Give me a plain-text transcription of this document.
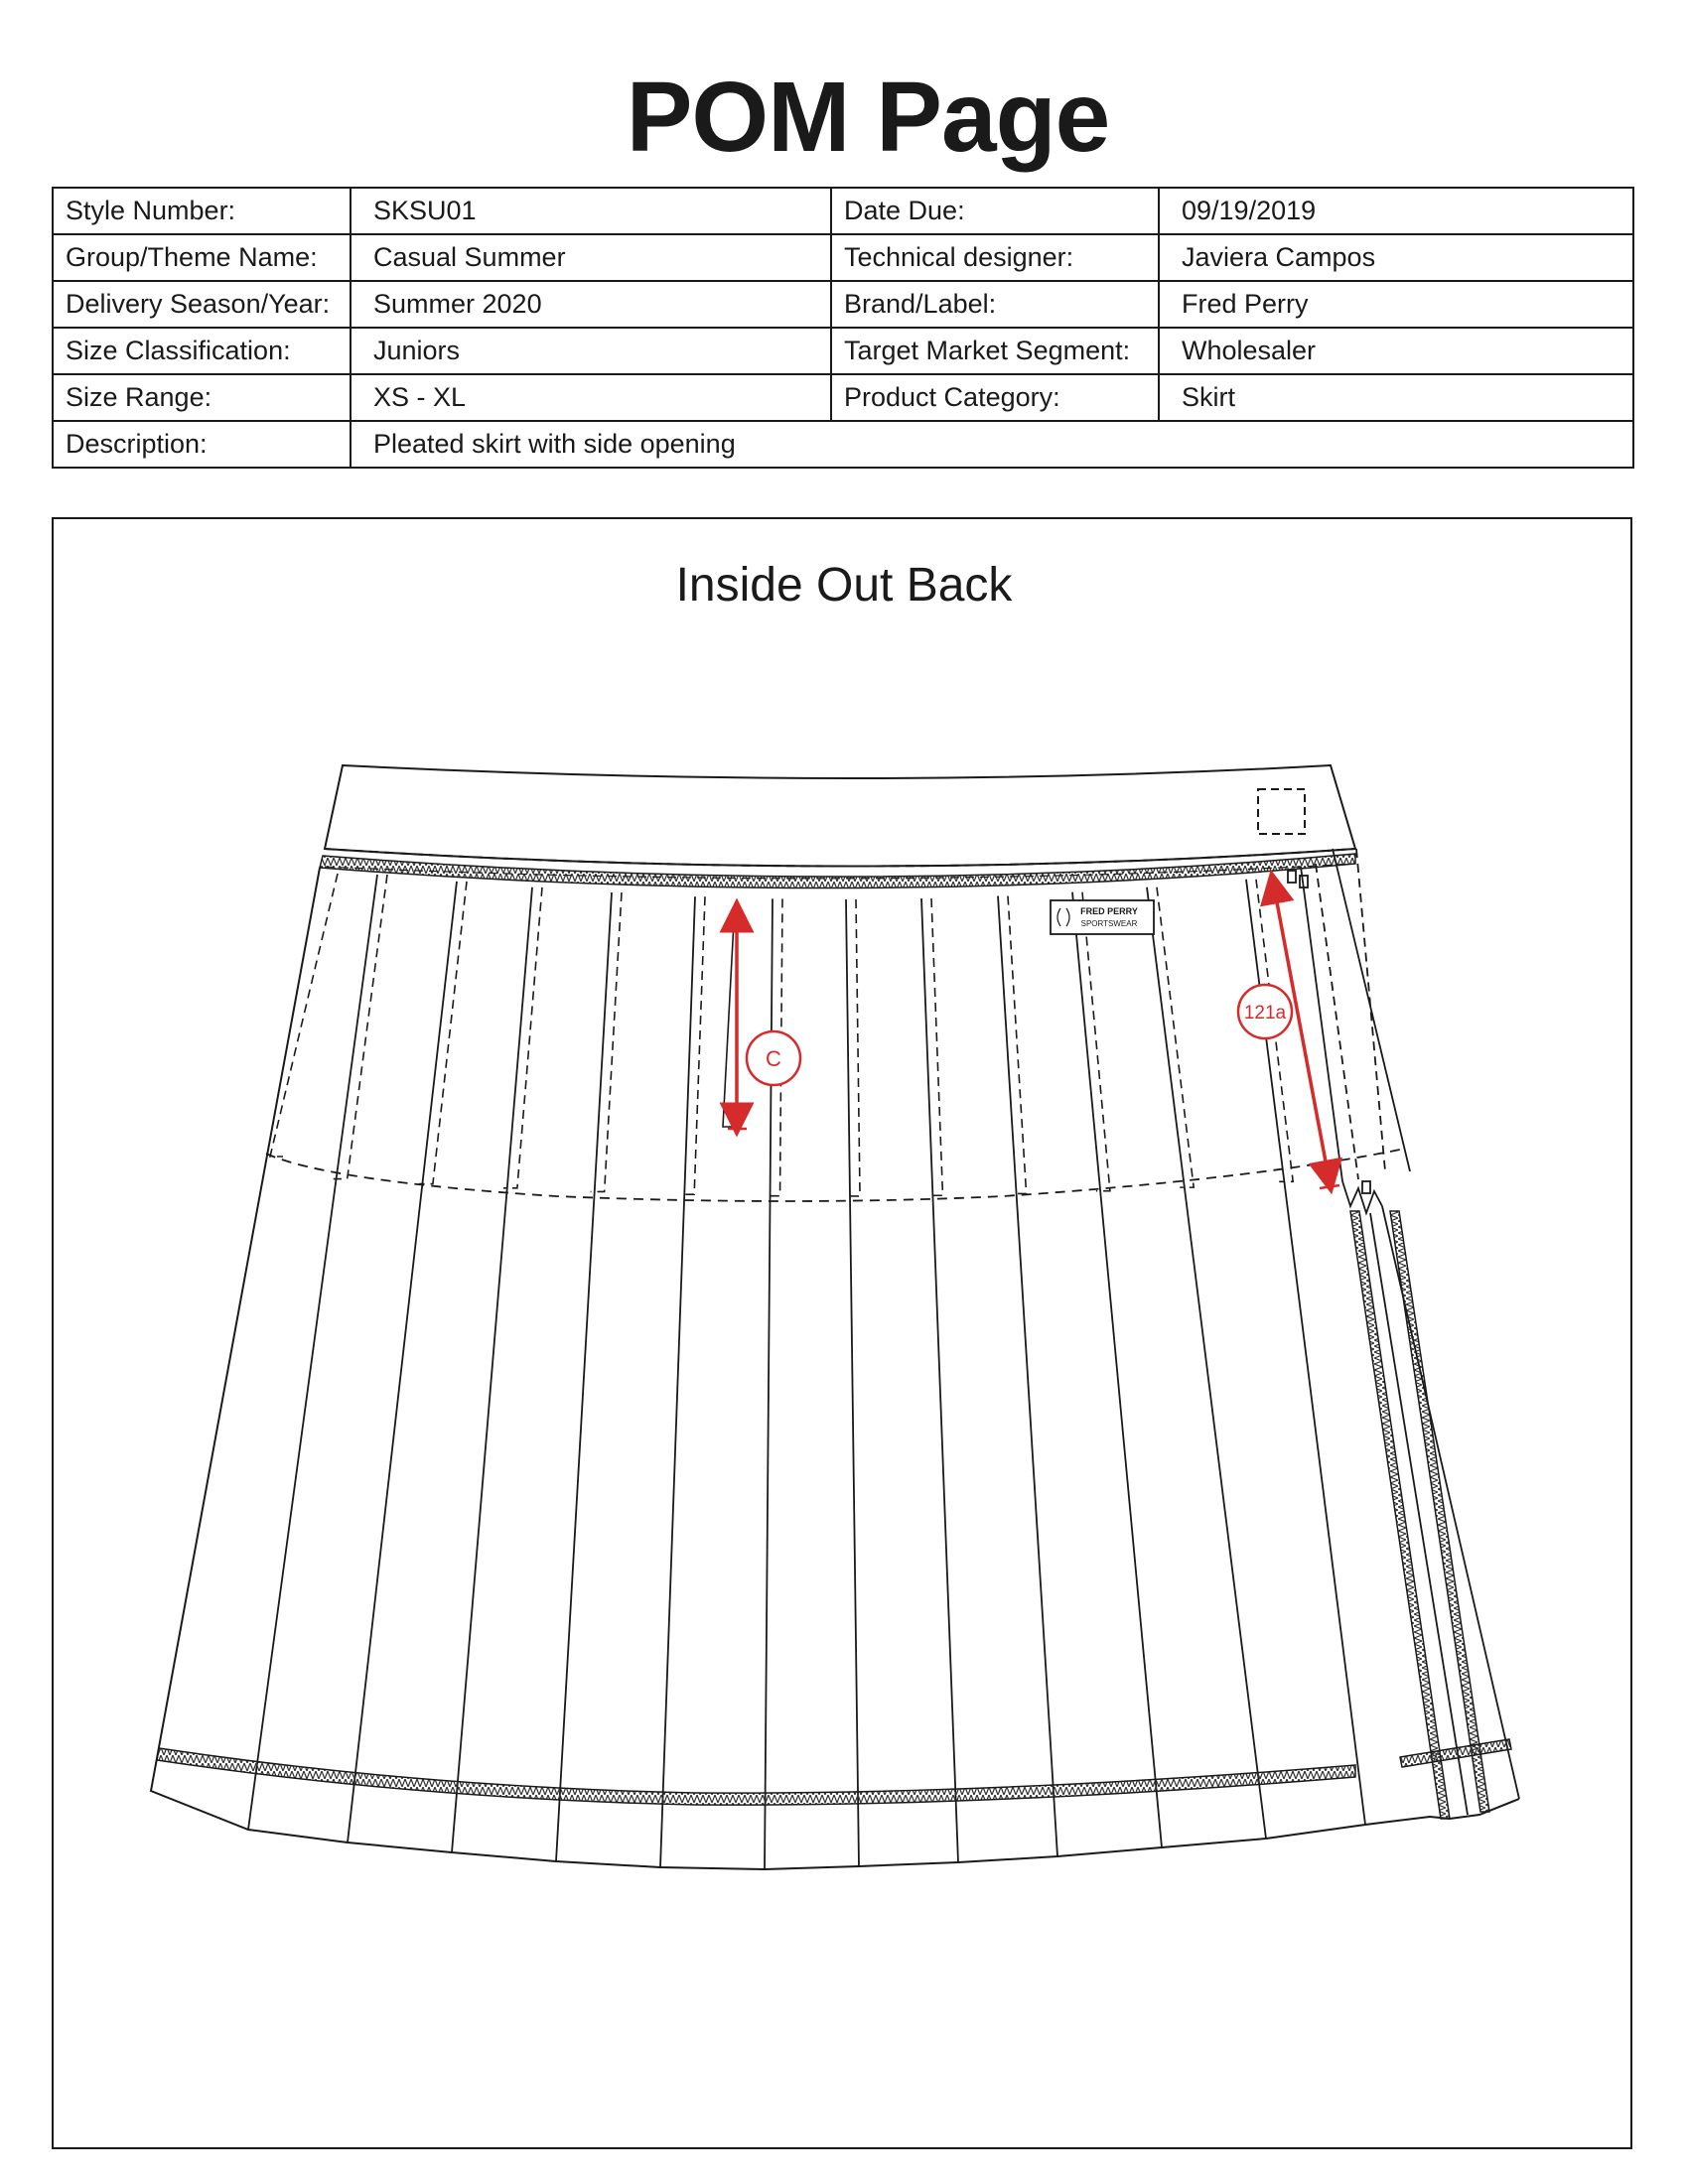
POM Page
Style Number:	SKSU01	Date Due:	09/19/2019
Group/Theme Name:	Casual Summer	Technical designer:	Javiera Campos
Delivery Season/Year:	Summer 2020	Brand/Label:	Fred Perry
Size Classification:	Juniors	Target Market Segment:	Wholesaler
Size Range:	XS - XL	Product Category:	Skirt
Description:	Pleated skirt with side opening		
Inside Out Back
FRED PERRY
SPORTSWEAR
C
121a
